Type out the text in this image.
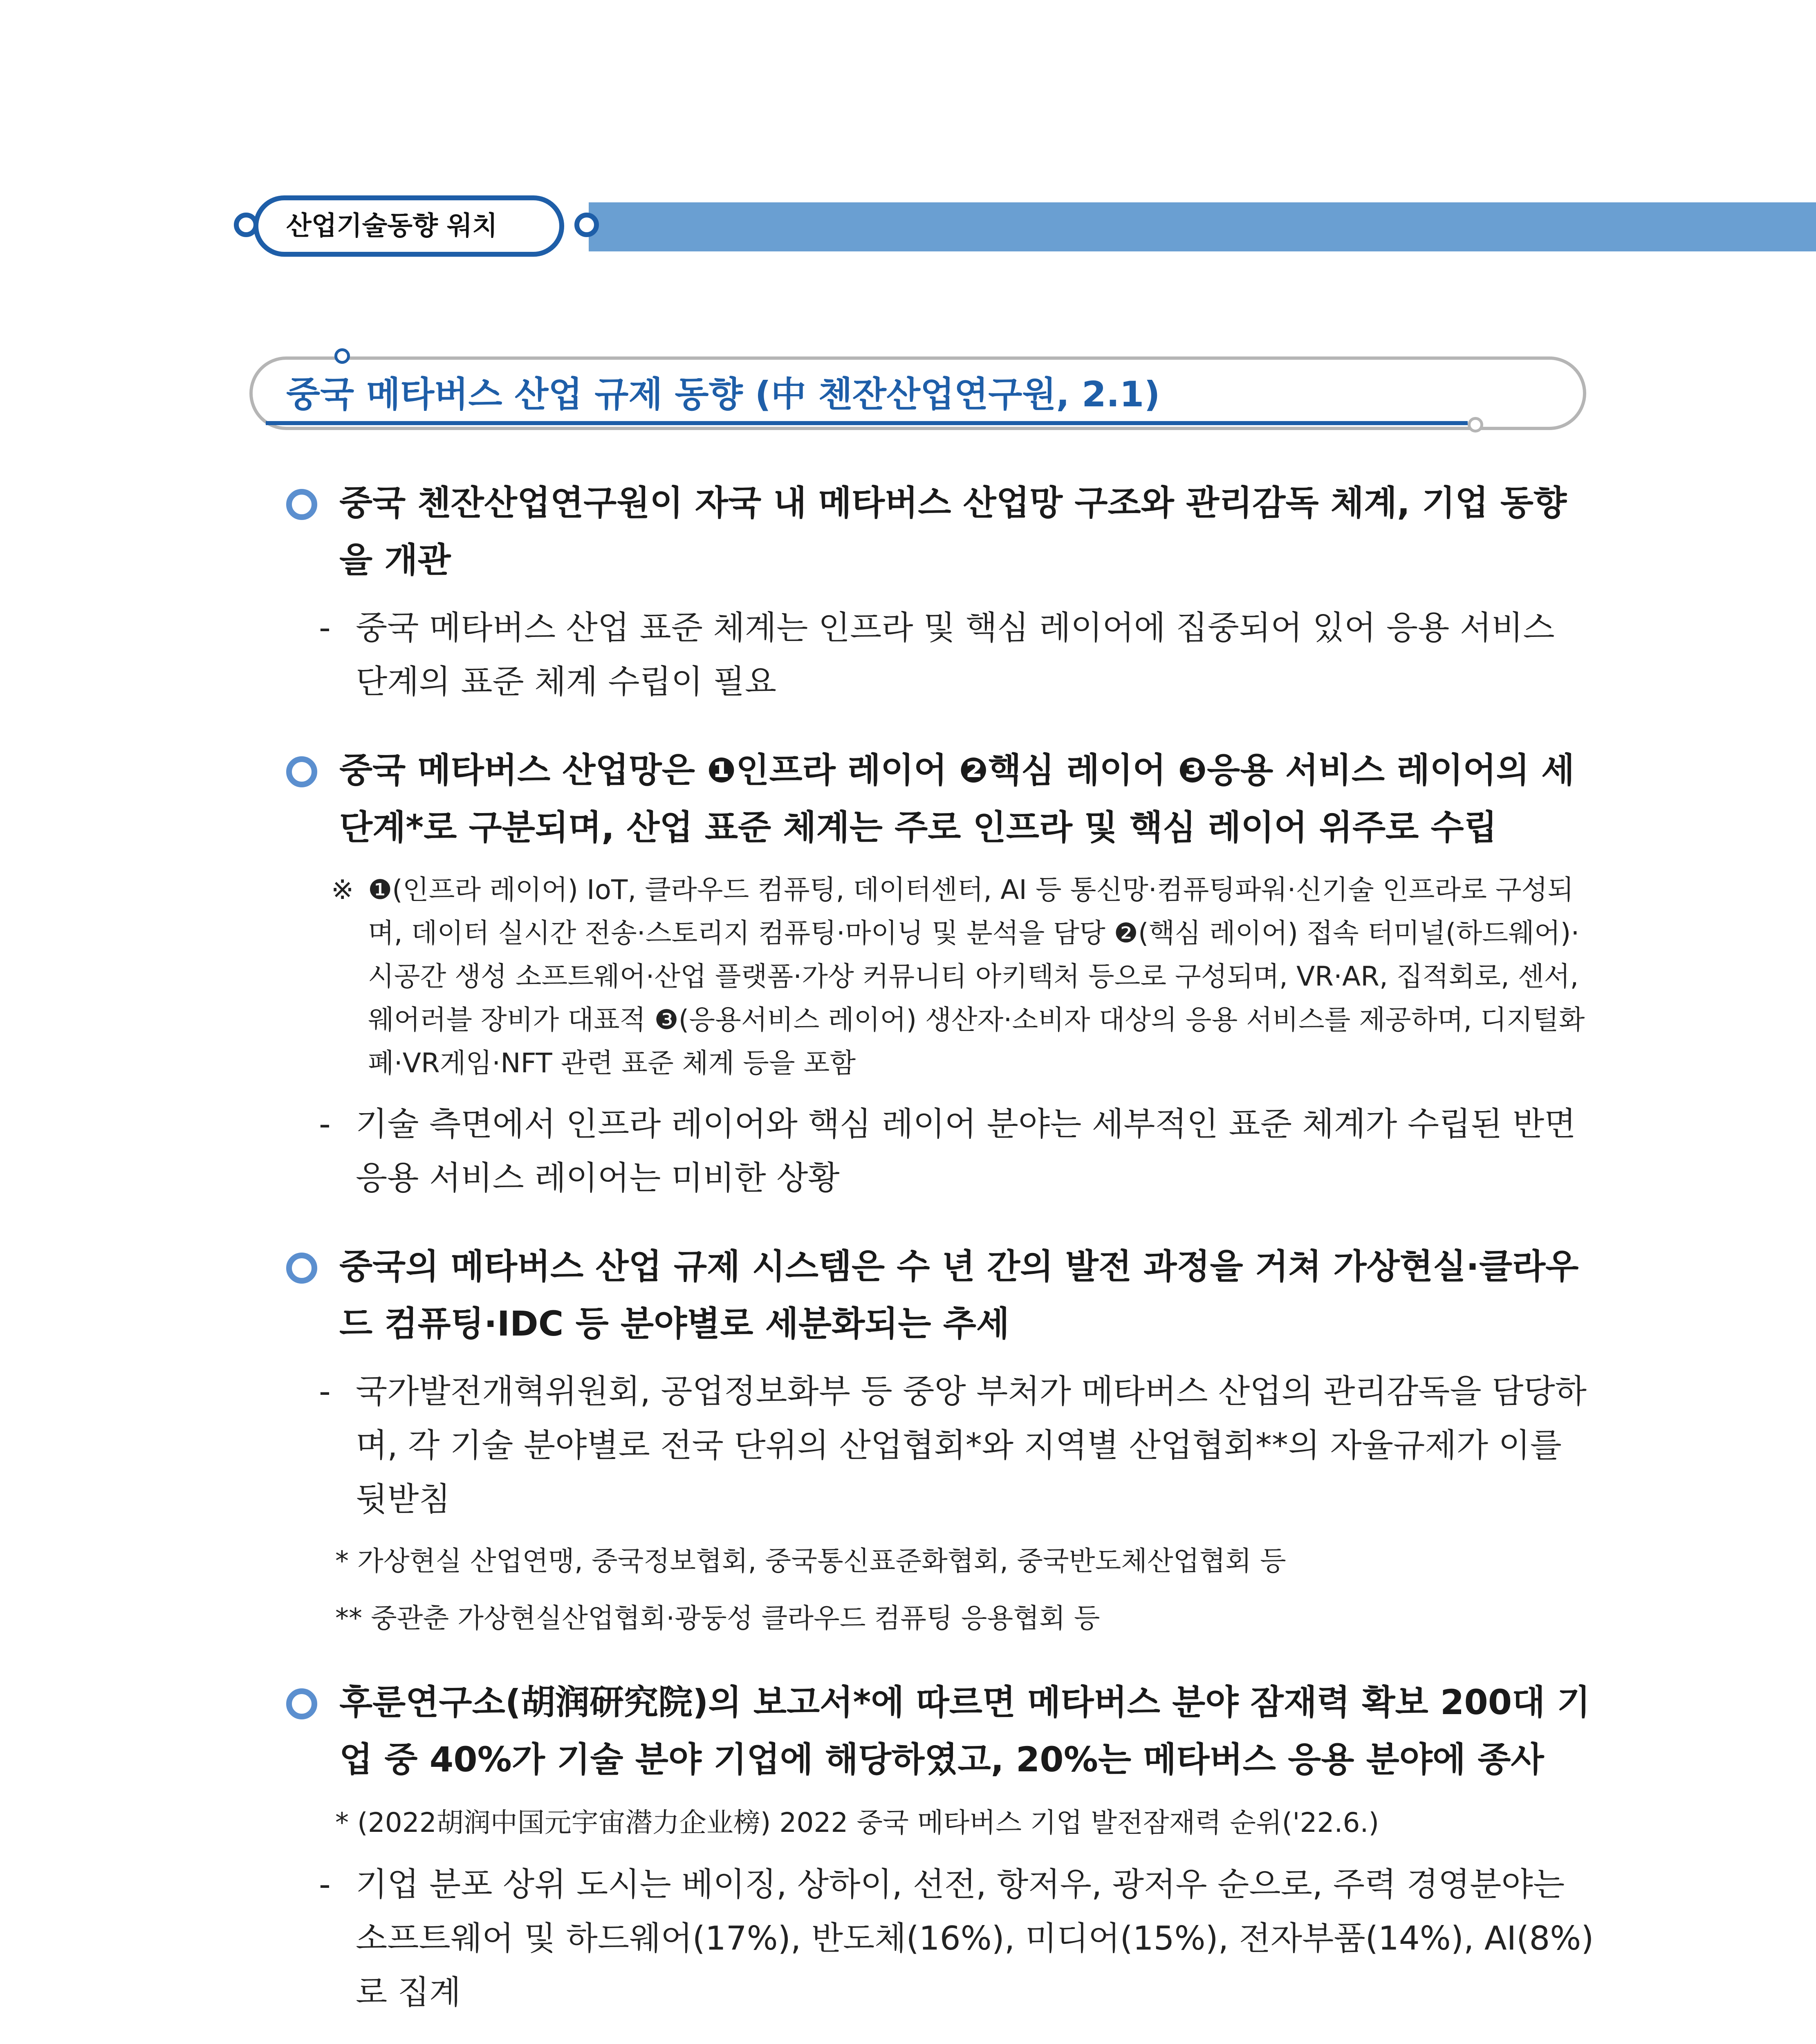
산업기술동향 워치
중국 메타버스 산업 규제 동향 (中 첸잔산업연구원, 2.1)
중국 첸잔산업연구원이 자국 내 메타버스 산업망 구조와 관리감독 체계, 기업 동향을 개관
- 중국 메타버스 산업 표준 체계는 인프라 및 핵심 레이어에 집중되어 있어 응용 서비스 단계의 표준 체계 수립이 필요
중국 메타버스 산업망은 ❶인프라 레이어 ❷핵심 레이어 ❸응용 서비스 레이어의 세 단계*로 구분되며, 산업 표준 체계는 주로 인프라 및 핵심 레이어 위주로 수립
※ ❶(인프라 레이어) IoT, 클라우드 컴퓨팅, 데이터센터, AI 등 통신망·컴퓨팅파워·신기술 인프라로 구성되며, 데이터 실시간 전송·스토리지 컴퓨팅·마이닝 및 분석을 담당 ❷(핵심 레이어) 접속 터미널(하드웨어)·시공간 생성 소프트웨어·산업 플랫폼·가상 커뮤니티 아키텍처 등으로 구성되며, VR·AR, 집적회로, 센서, 웨어러블 장비가 대표적 ❸(응용서비스 레이어) 생산자·소비자 대상의 응용 서비스를 제공하며, 디지털화폐·VR게임·NFT 관련 표준 체계 등을 포함
- 기술 측면에서 인프라 레이어와 핵심 레이어 분야는 세부적인 표준 체계가 수립된 반면 응용 서비스 레이어는 미비한 상황
중국의 메타버스 산업 규제 시스템은 수 년 간의 발전 과정을 거쳐 가상현실·클라우드 컴퓨팅·IDC 등 분야별로 세분화되는 추세
- 국가발전개혁위원회, 공업정보화부 등 중앙 부처가 메타버스 산업의 관리감독을 담당하며, 각 기술 분야별로 전국 단위의 산업협회*와 지역별 산업협회**의 자율규제가 이를 뒷받침
* 가상현실 산업연맹, 중국정보협회, 중국통신표준화협회, 중국반도체산업협회 등
** 중관춘 가상현실산업협회·광둥성 클라우드 컴퓨팅 응용협회 등
후룬연구소(胡润研究院)의 보고서*에 따르면 메타버스 분야 잠재력 확보 200대 기업 중 40%가 기술 분야 기업에 해당하였고, 20%는 메타버스 응용 분야에 종사
* (2022胡润中国元宇宙潜力企业榜) 2022 중국 메타버스 기업 발전잠재력 순위('22.6.)
- 기업 분포 상위 도시는 베이징, 상하이, 선전, 항저우, 광저우 순으로, 주력 경영분야는 소프트웨어 및 하드웨어(17%), 반도체(16%), 미디어(15%), 전자부품(14%), AI(8%)로 집계
